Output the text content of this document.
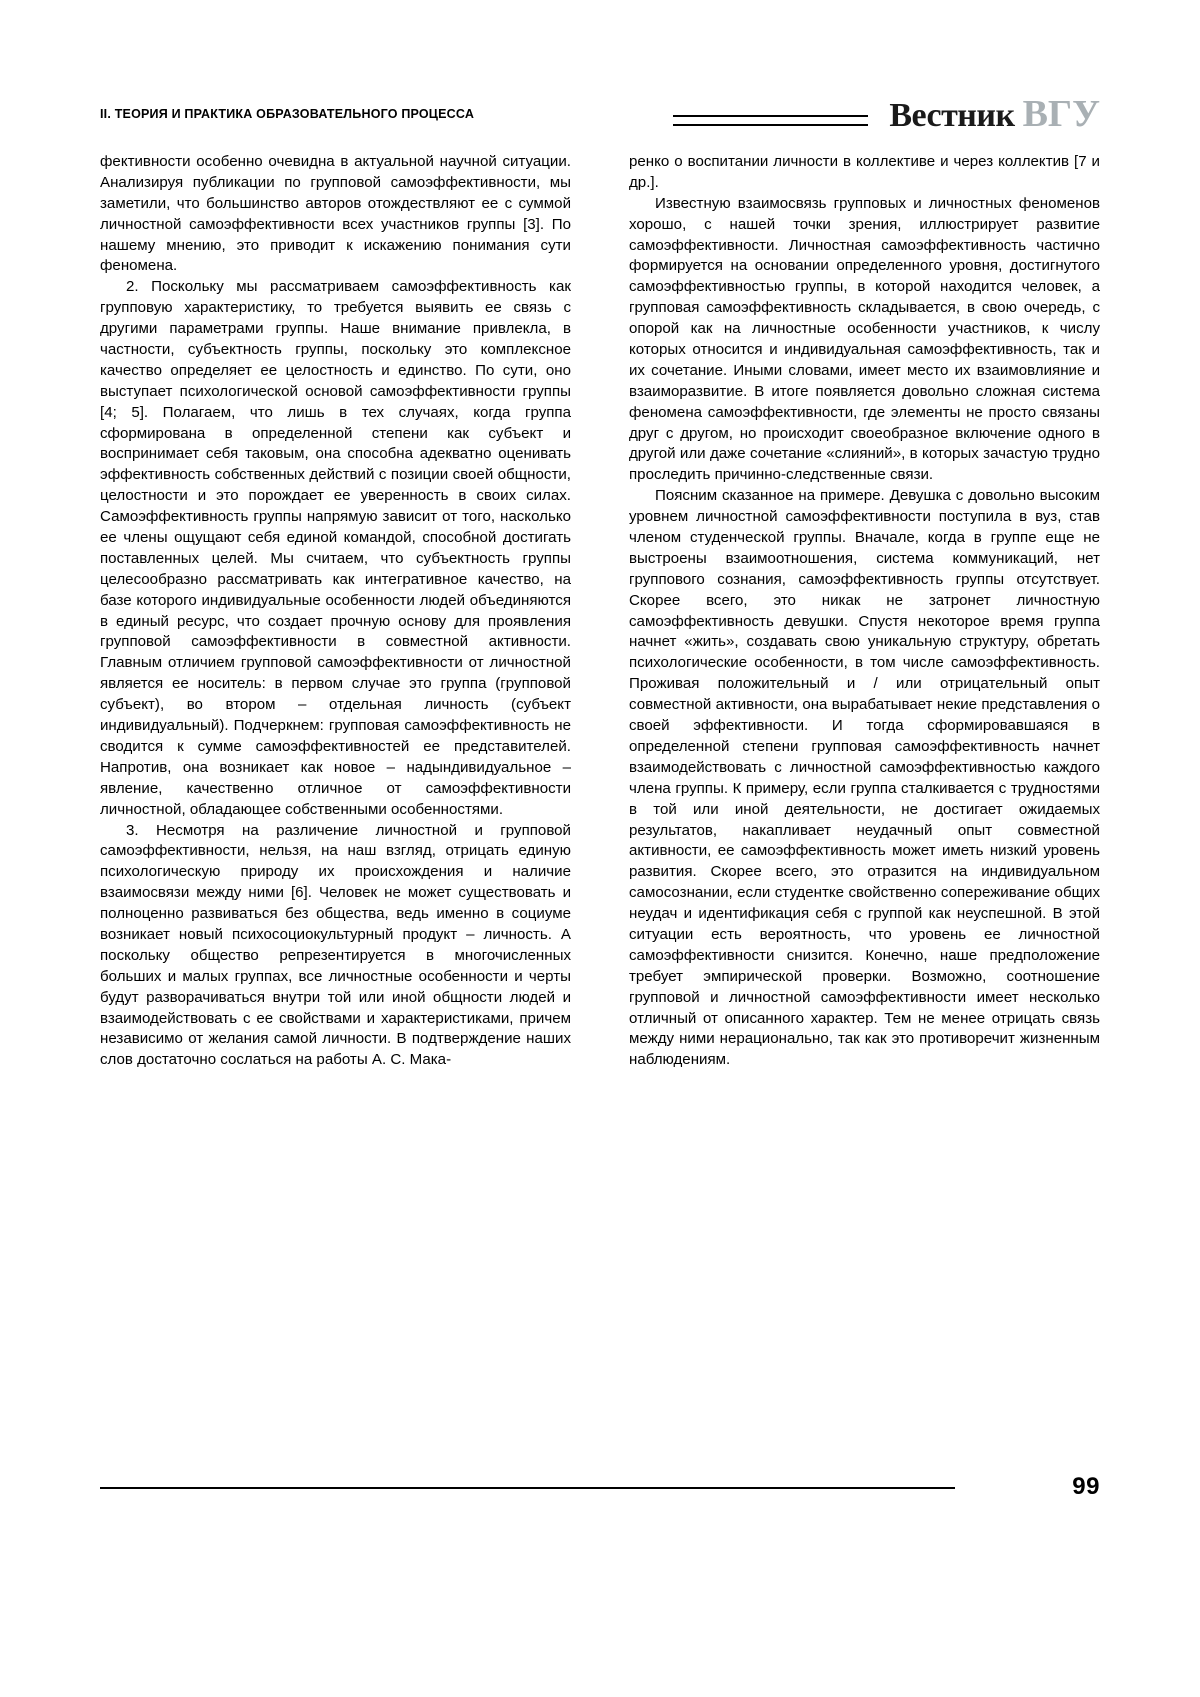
II. ТЕОРИЯ И ПРАКТИКА ОБРАЗОВАТЕЛЬНОГО ПРОЦЕССА	Вестник ВГУ

фективности особенно очевидна в актуальной научной ситуации. Анализируя публикации по групповой самоэффективности, мы заметили, что большинство авторов отождествляют ее с суммой личностной самоэффективности всех участников группы [3]. По нашему мнению, это приводит к искажению понимания сути феномена.

2. Поскольку мы рассматриваем самоэффективность как групповую характеристику, то требуется выявить ее связь с другими параметрами группы. Наше внимание привлекла, в частности, субъектность группы, поскольку это комплексное качество определяет ее целостность и единство. По сути, оно выступает психологической основой самоэффективности группы [4; 5]. Полагаем, что лишь в тех случаях, когда группа сформирована в определенной степени как субъект и воспринимает себя таковым, она способна адекватно оценивать эффективность собственных действий с позиции своей общности, целостности и это порождает ее уверенность в своих силах. Самоэффективность группы напрямую зависит от того, насколько ее члены ощущают себя единой командой, способной достигать поставленных целей. Мы считаем, что субъектность группы целесообразно рассматривать как интегративное качество, на базе которого индивидуальные особенности людей объединяются в единый ресурс, что создает прочную основу для проявления групповой самоэффективности в совместной активности. Главным отличием групповой самоэффективности от личностной является ее носитель: в первом случае это группа (групповой субъект), во втором – отдельная личность (субъект индивидуальный). Подчеркнем: групповая самоэффективность не сводится к сумме самоэффективностей ее представителей. Напротив, она возникает как новое – надындивидуальное – явление, качественно отличное от самоэффективности личностной, обладающее собственными особенностями.

3. Несмотря на различение личностной и групповой самоэффективности, нельзя, на наш взгляд, отрицать единую психологическую природу их происхождения и наличие взаимосвязи между ними [6]. Человек не может существовать и полноценно развиваться без общества, ведь именно в социуме возникает новый психосоциокультурный продукт – личность. А поскольку общество репрезентируется в многочисленных больших и малых группах, все личностные особенности и черты будут разворачиваться внутри той или иной общности людей и взаимодействовать с ее свойствами и характеристиками, причем независимо от желания самой личности. В подтверждение наших слов достаточно сослаться на работы А. С. Мака-

ренко о воспитании личности в коллективе и через коллектив [7 и др.].

Известную взаимосвязь групповых и личностных феноменов хорошо, с нашей точки зрения, иллюстрирует развитие самоэффективности. Личностная самоэффективность частично формируется на основании определенного уровня, достигнутого самоэффективностью группы, в которой находится человек, а групповая самоэффективность складывается, в свою очередь, с опорой как на личностные особенности участников, к числу которых относится и индивидуальная самоэффективность, так и их сочетание. Иными словами, имеет место их взаимовлияние и взаиморазвитие. В итоге появляется довольно сложная система феномена самоэффективности, где элементы не просто связаны друг с другом, но происходит своеобразное включение одного в другой или даже сочетание «слияний», в которых зачастую трудно проследить причинно-следственные связи.

Поясним сказанное на примере. Девушка с довольно высоким уровнем личностной самоэффективности поступила в вуз, став членом студенческой группы. Вначале, когда в группе еще не выстроены взаимоотношения, система коммуникаций, нет группового сознания, самоэффективность группы отсутствует. Скорее всего, это никак не затронет личностную самоэффективность девушки. Спустя некоторое время группа начнет «жить», создавать свою уникальную структуру, обретать психологические особенности, в том числе самоэффективность. Проживая положительный и / или отрицательный опыт совместной активности, она вырабатывает некие представления о своей эффективности. И тогда сформировавшаяся в определенной степени групповая самоэффективность начнет взаимодействовать с личностной самоэффективностью каждого члена группы. К примеру, если группа сталкивается с трудностями в той или иной деятельности, не достигает ожидаемых результатов, накапливает неудачный опыт совместной активности, ее самоэффективность может иметь низкий уровень развития. Скорее всего, это отразится на индивидуальном самосознании, если студентке свойственно сопереживание общих неудач и идентификация себя с группой как неуспешной. В этой ситуации есть вероятность, что уровень ее личностной самоэффективности снизится. Конечно, наше предположение требует эмпирической проверки. Возможно, соотношение групповой и личностной самоэффективности имеет несколько отличный от описанного характер. Тем не менее отрицать связь между ними нерационально, так как это противоречит жизненным наблюдениям.

99
